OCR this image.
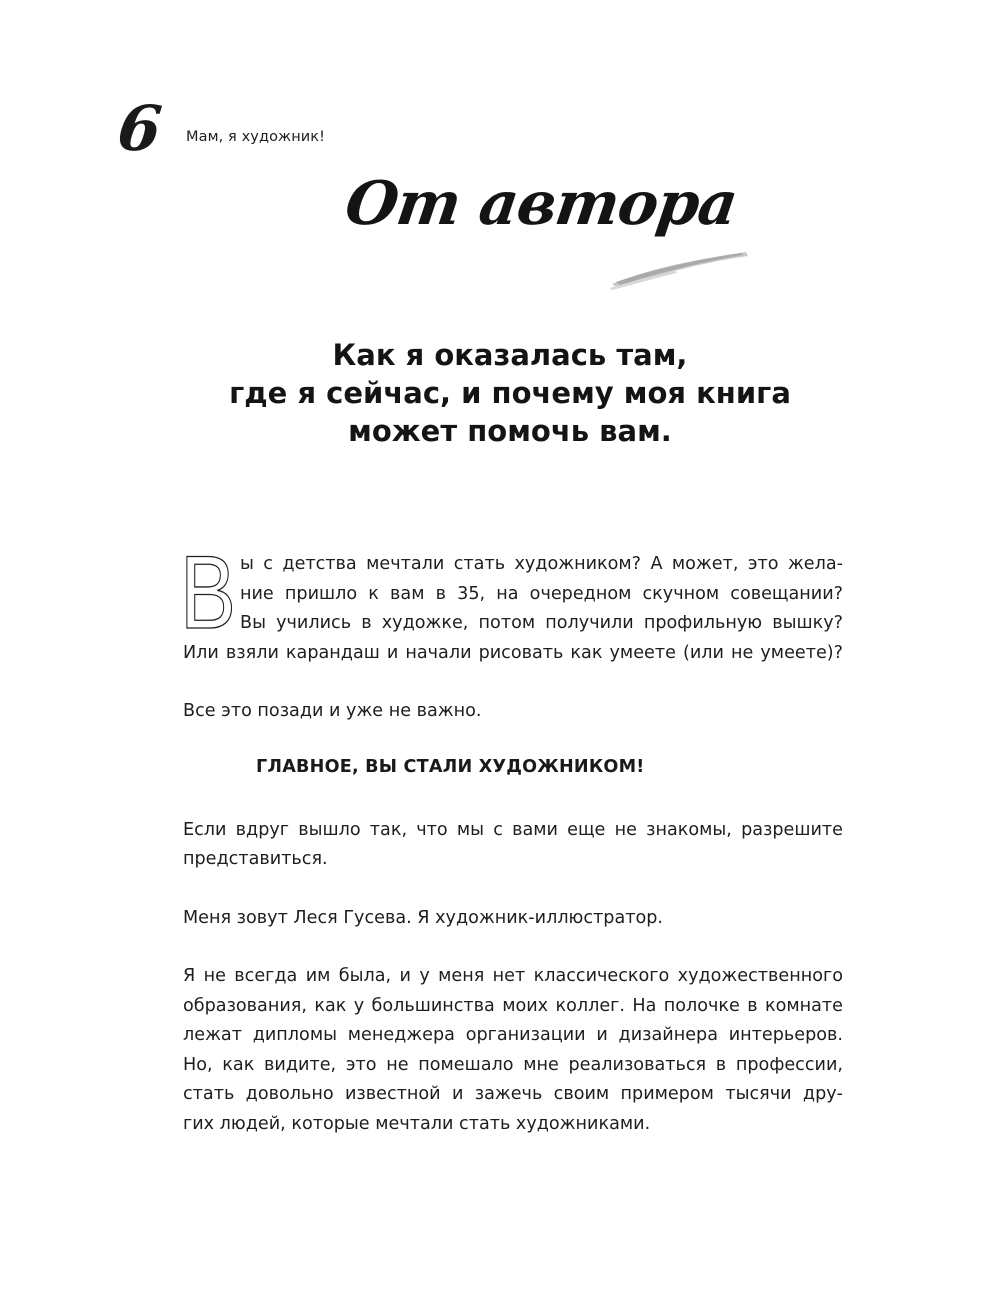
6 Мам, я художник!
От автора
Как я оказалась там,
где я сейчас, и почему моя книга
может помочь вам.
В ы с детства мечтали стать художником? А может, это жела-
ние пришло к вам в 35, на очередном скучном совещании?
Вы учились в художке, потом получили профильную вышку?
Или взяли карандаш и начали рисовать как умеете (или не умеете)?
Все это позади и уже не важно.
Если вдруг вышло так, что мы с вами еще не знакомы, разрешите
представиться.
Меня зовут Леся Гусева. Я художник-иллюстратор.
Я не всегда им была, и у меня нет классического художественного
образования, как у большинства моих коллег. На полочке в комнате
лежат дипломы менеджера организации и дизайнера интерьеров.
Но, как видите, это не помешало мне реализоваться в профессии,
стать довольно известной и зажечь своим примером тысячи дру-
гих людей, которые мечтали стать художниками.
ГЛАВНОЕ, ВЫ СТАЛИ ХУДОЖНИКОМ!
